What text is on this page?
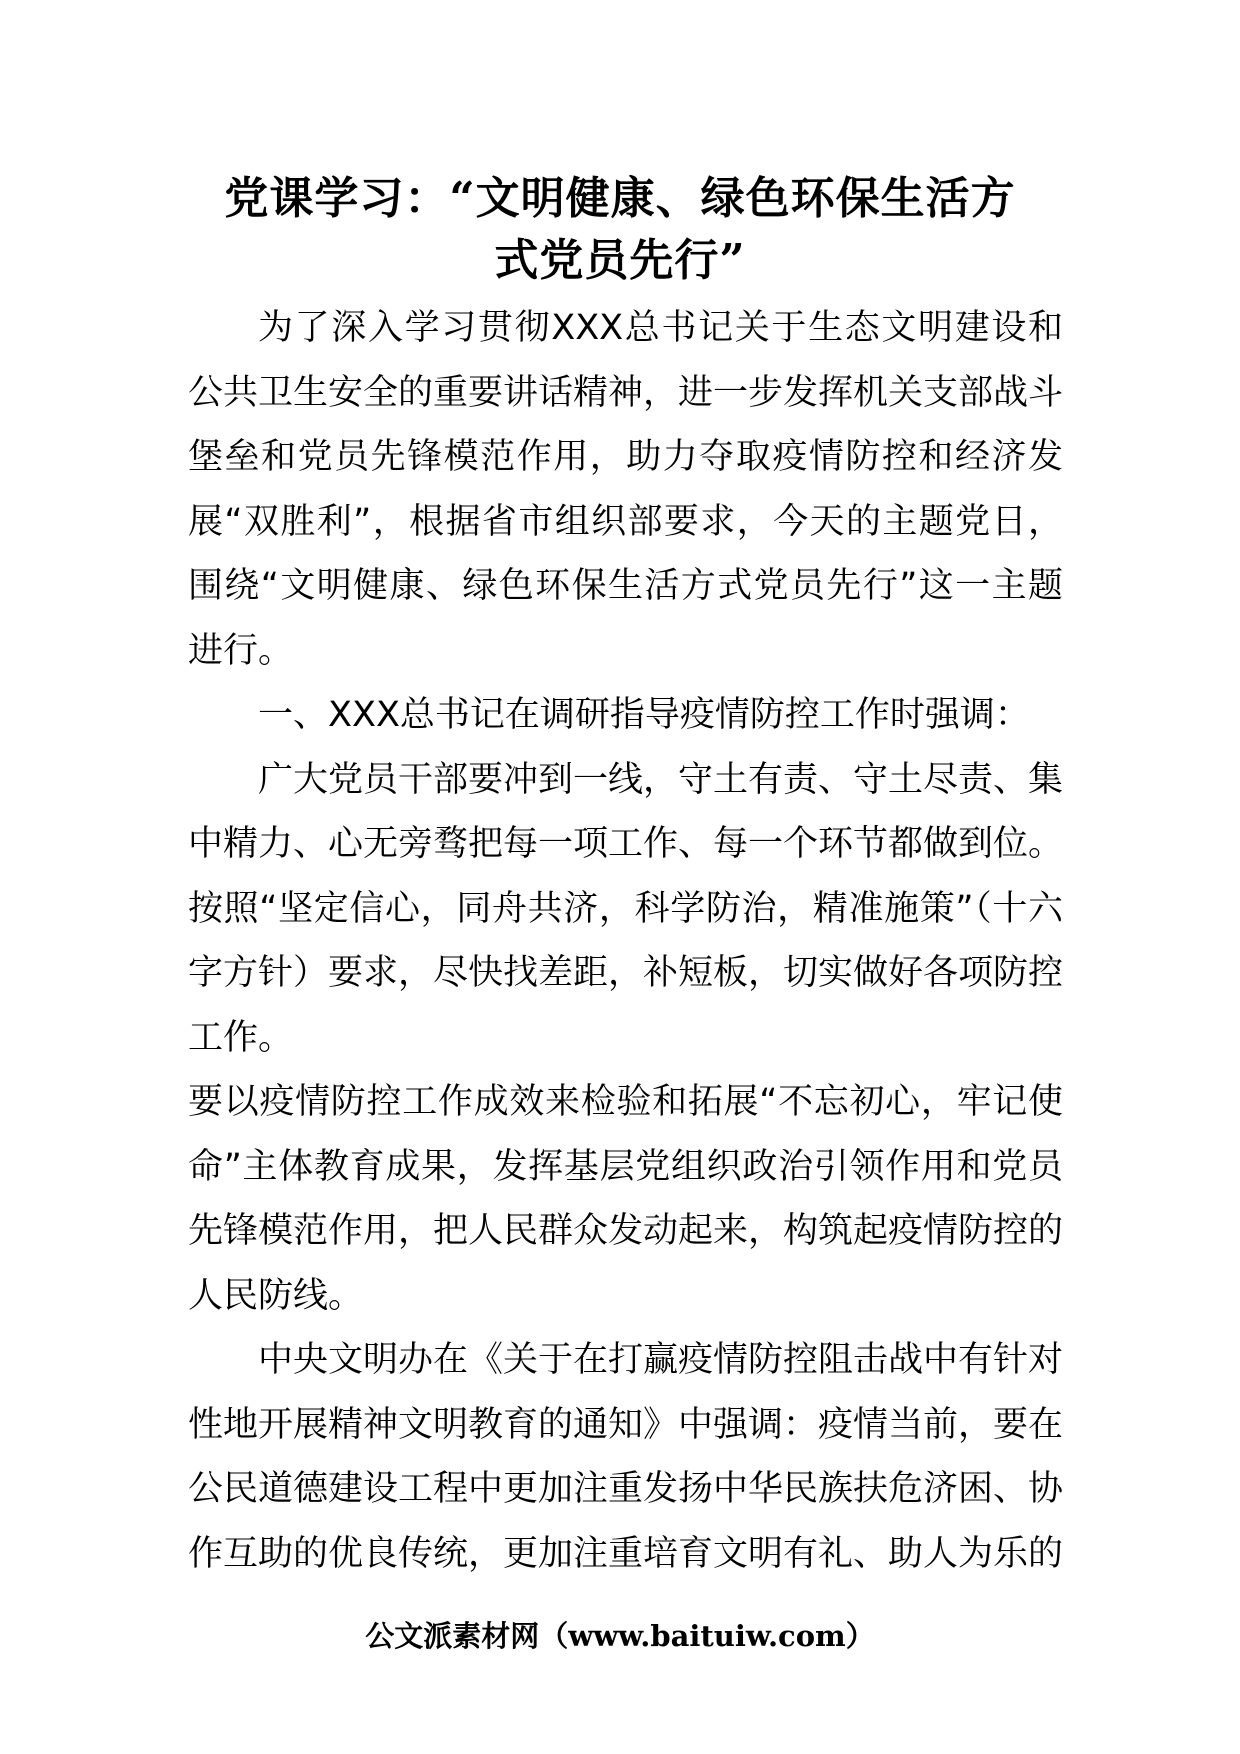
党课学习：“文明健康、绿色环保生活方
式党员先行”

为了深入学习贯彻XXX总书记关于生态文明建设和公共卫生安全的重要讲话精神，进一步发挥机关支部战斗堡垒和党员先锋模范作用，助力夺取疫情防控和经济发展“双胜利”，根据省市组织部要求，今天的主题党日，围绕“文明健康、绿色环保生活方式党员先行”这一主题进行。

一、XXX总书记在调研指导疫情防控工作时强调：

广大党员干部要冲到一线，守土有责、守土尽责、集中精力、心无旁骛把每一项工作、每一个环节都做到位。按照“坚定信心，同舟共济，科学防治，精准施策”（十六字方针）要求，尽快找差距，补短板，切实做好各项防控工作。

要以疫情防控工作成效来检验和拓展“不忘初心，牢记使命”主体教育成果，发挥基层党组织政治引领作用和党员先锋模范作用，把人民群众发动起来，构筑起疫情防控的人民防线。

中央文明办在《关于在打赢疫情防控阻击战中有针对性地开展精神文明教育的通知》中强调：疫情当前，要在公民道德建设工程中更加注重发扬中华民族扶危济困、协作互助的优良传统，更加注重培育文明有礼、助人为乐的

公文派素材网（www.baituiw.com）
